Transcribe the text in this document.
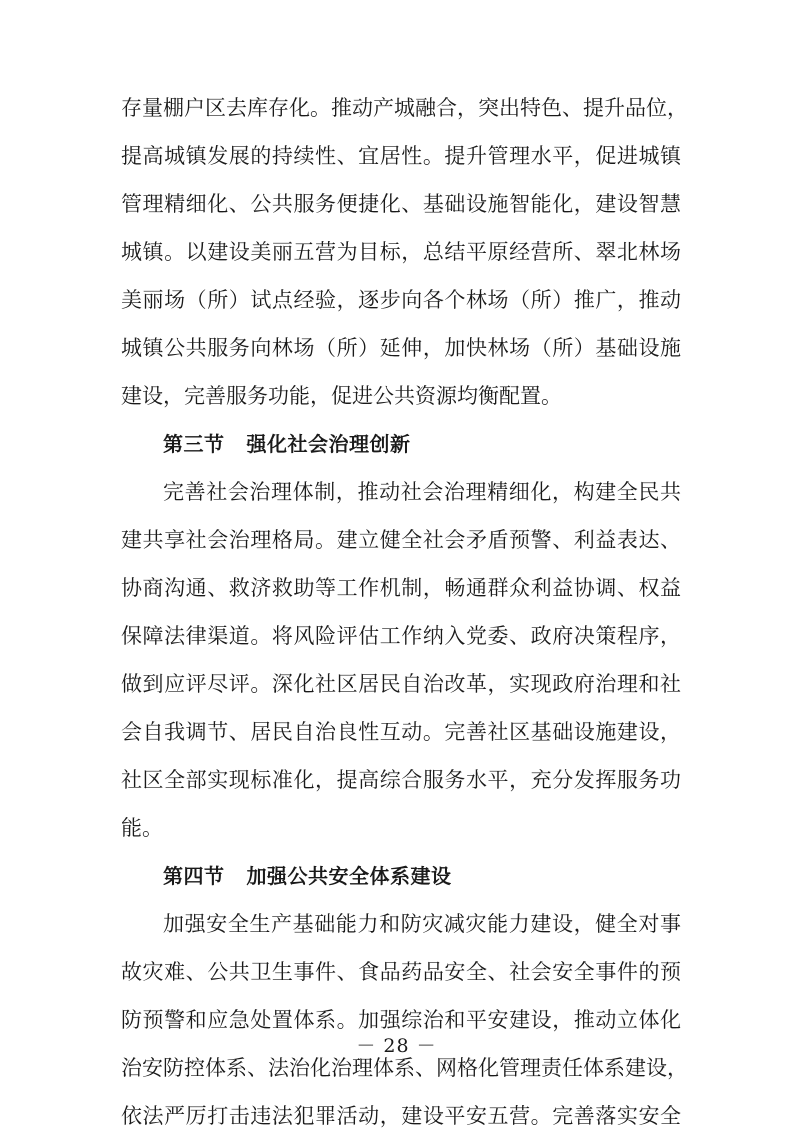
存量棚户区去库存化。推动产城融合，突出特色、提升品位，
提高城镇发展的持续性、宜居性。提升管理水平，促进城镇
管理精细化、公共服务便捷化、基础设施智能化，建设智慧
城镇。以建设美丽五营为目标，总结平原经营所、翠北林场
美丽场（所）试点经验，逐步向各个林场（所）推广，推动
城镇公共服务向林场（所）延伸，加快林场（所）基础设施
建设，完善服务功能，促进公共资源均衡配置。
第三节 强化社会治理创新
完善社会治理体制，推动社会治理精细化，构建全民共
建共享社会治理格局。建立健全社会矛盾预警、利益表达、
协商沟通、救济救助等工作机制，畅通群众利益协调、权益
保障法律渠道。将风险评估工作纳入党委、政府决策程序，
做到应评尽评。深化社区居民自治改革，实现政府治理和社
会自我调节、居民自治良性互动。完善社区基础设施建设，
社区全部实现标准化，提高综合服务水平，充分发挥服务功
能。
第四节 加强公共安全体系建设
加强安全生产基础能力和防灾减灾能力建设，健全对事
故灾难、公共卫生事件、食品药品安全、社会安全事件的预
防预警和应急处置体系。加强综治和平安建设，推动立体化
治安防控体系、法治化治理体系、网格化管理责任体系建设，
依法严厉打击违法犯罪活动，建设平安五营。完善落实安全
－ 28 －
